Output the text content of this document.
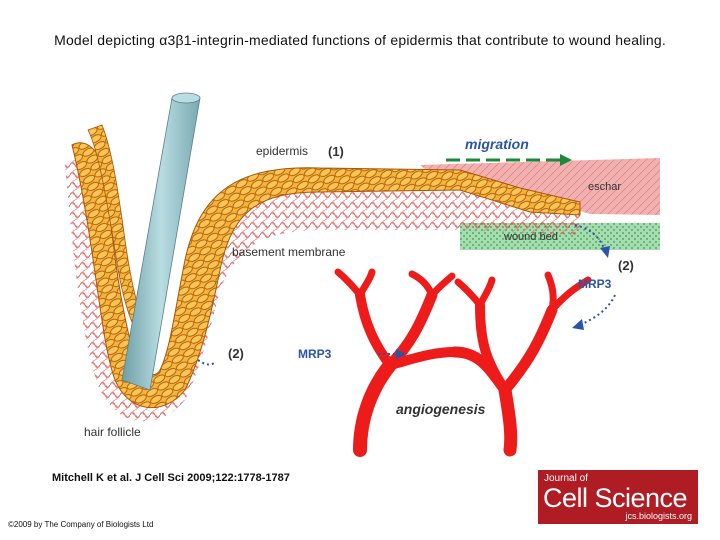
Model depicting α3β1-integrin-mediated functions of epidermis that contribute to wound healing.
epidermis (1)	migration
eschar
wound bed
basement membrane
(2)
MRP3
(2)	MRP3
angiogenesis
hair follicle
Mitchell K et al. J Cell Sci 2009;122:1778-1787
©2009 by The Company of Biologists Ltd
Journal of
Cell Science
jcs.biologists.org
